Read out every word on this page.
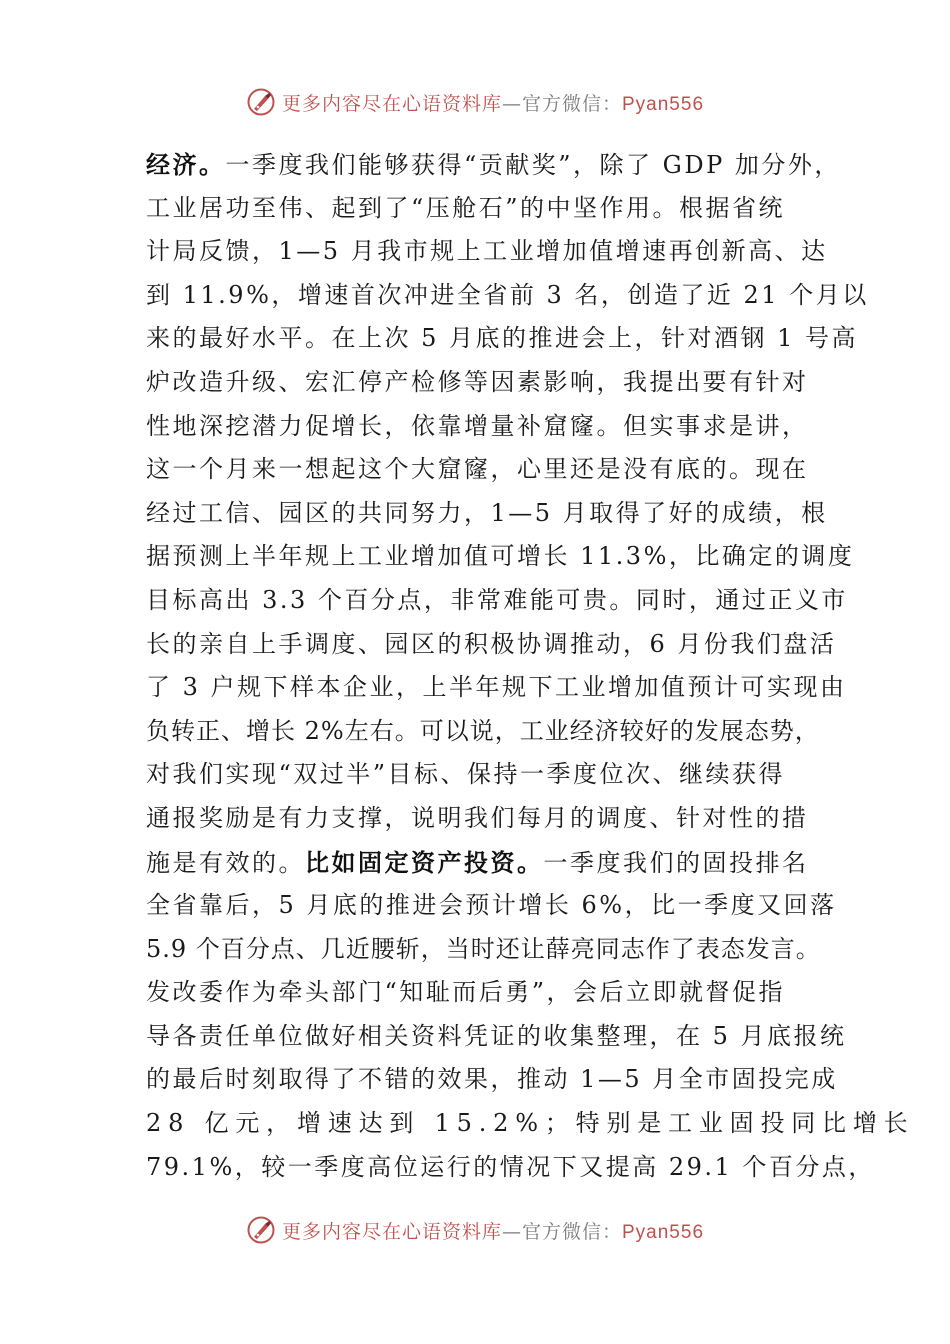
更多内容尽在心语资料库—官方微信：Pyan556
经济。一季度我们能够获得“贡献奖”，除了 GDP 加分外，
工业居功至伟、起到了“压舱石”的中坚作用。根据省统
计局反馈，1—5 月我市规上工业增加值增速再创新高、达
到 11.9%，增速首次冲进全省前 3 名，创造了近 21 个月以
来的最好水平。在上次 5 月底的推进会上，针对酒钢 1 号高
炉改造升级、宏汇停产检修等因素影响，我提出要有针对
性地深挖潜力促增长，依靠增量补窟窿。但实事求是讲，
这一个月来一想起这个大窟窿，心里还是没有底的。现在
经过工信、园区的共同努力，1—5 月取得了好的成绩，根
据预测上半年规上工业增加值可增长 11.3%，比确定的调度
目标高出 3.3 个百分点，非常难能可贵。同时，通过正义市
长的亲自上手调度、园区的积极协调推动，6 月份我们盘活
了 3 户规下样本企业，上半年规下工业增加值预计可实现由
负转正、增长 2%左右。可以说，工业经济较好的发展态势，
对我们实现“双过半”目标、保持一季度位次、继续获得
通报奖励是有力支撑，说明我们每月的调度、针对性的措
施是有效的。比如固定资产投资。一季度我们的固投排名
全省靠后，5 月底的推进会预计增长 6%，比一季度又回落
5.9 个百分点、几近腰斩，当时还让薛亮同志作了表态发言。
发改委作为牵头部门“知耻而后勇”，会后立即就督促指
导各责任单位做好相关资料凭证的收集整理，在 5 月底报统
的最后时刻取得了不错的效果，推动 1—5 月全市固投完成
28 亿元，增速达到 15.2%；特别是工业固投同比增长
79.1%，较一季度高位运行的情况下又提高 29.1 个百分点，
更多内容尽在心语资料库—官方微信：Pyan556
